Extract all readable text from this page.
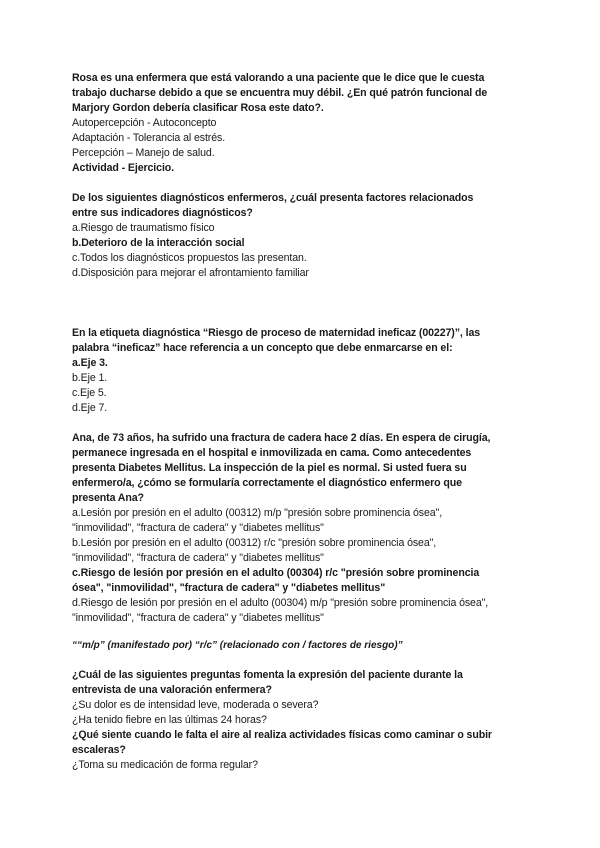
Rosa es una enfermera que está valorando a una paciente que le dice que le cuesta
trabajo ducharse debido a que se encuentra muy débil. ¿En qué patrón funcional de
Marjory Gordon debería clasificar Rosa este dato?.
Autopercepción - Autoconcepto
Adaptación - Tolerancia al estrés.
Percepción – Manejo de salud.
Actividad - Ejercicio.
De los siguientes diagnósticos enfermeros, ¿cuál presenta factores relacionados
entre sus indicadores diagnósticos?
a.Riesgo de traumatismo físico
b.Deterioro de la interacción social
c.Todos los diagnósticos propuestos las presentan.
d.Disposición para mejorar el afrontamiento familiar
En la etiqueta diagnóstica “Riesgo de proceso de maternidad ineficaz (00227)”, las
palabra “ineficaz” hace referencia a un concepto que debe enmarcarse en el:
a.Eje 3.
b.Eje 1.
c.Eje 5.
d.Eje 7.
Ana, de 73 años, ha sufrido una fractura de cadera hace 2 días. En espera de cirugía,
permanece ingresada en el hospital e inmovilizada en cama. Como antecedentes
presenta Diabetes Mellitus. La inspección de la piel es normal. Si usted fuera su
enfermero/a, ¿cómo se formularía correctamente el diagnóstico enfermero que
presenta Ana?
a.Lesión por presión en el adulto (00312) m/p "presión sobre prominencia ósea",
"inmovilidad", "fractura de cadera" y "diabetes mellitus"
b.Lesión por presión en el adulto (00312) r/c "presión sobre prominencia ósea",
"inmovilidad", "fractura de cadera" y "diabetes mellitus"
c.Riesgo de lesión por presión en el adulto (00304) r/c "presión sobre prominencia
ósea", "inmovilidad", "fractura de cadera" y "diabetes mellitus"
d.Riesgo de lesión por presión en el adulto (00304) m/p "presión sobre prominencia ósea",
"inmovilidad", "fractura de cadera" y "diabetes mellitus"
““m/p” (manifestado por) “r/c” (relacionado con / factores de riesgo)”
¿Cuál de las siguientes preguntas fomenta la expresión del paciente durante la
entrevista de una valoración enfermera?
¿Su dolor es de intensidad leve, moderada o severa?
¿Ha tenido fiebre en las últimas 24 horas?
¿Qué siente cuando le falta el aire al realiza actividades físicas como caminar o subir
escaleras?
¿Toma su medicación de forma regular?
